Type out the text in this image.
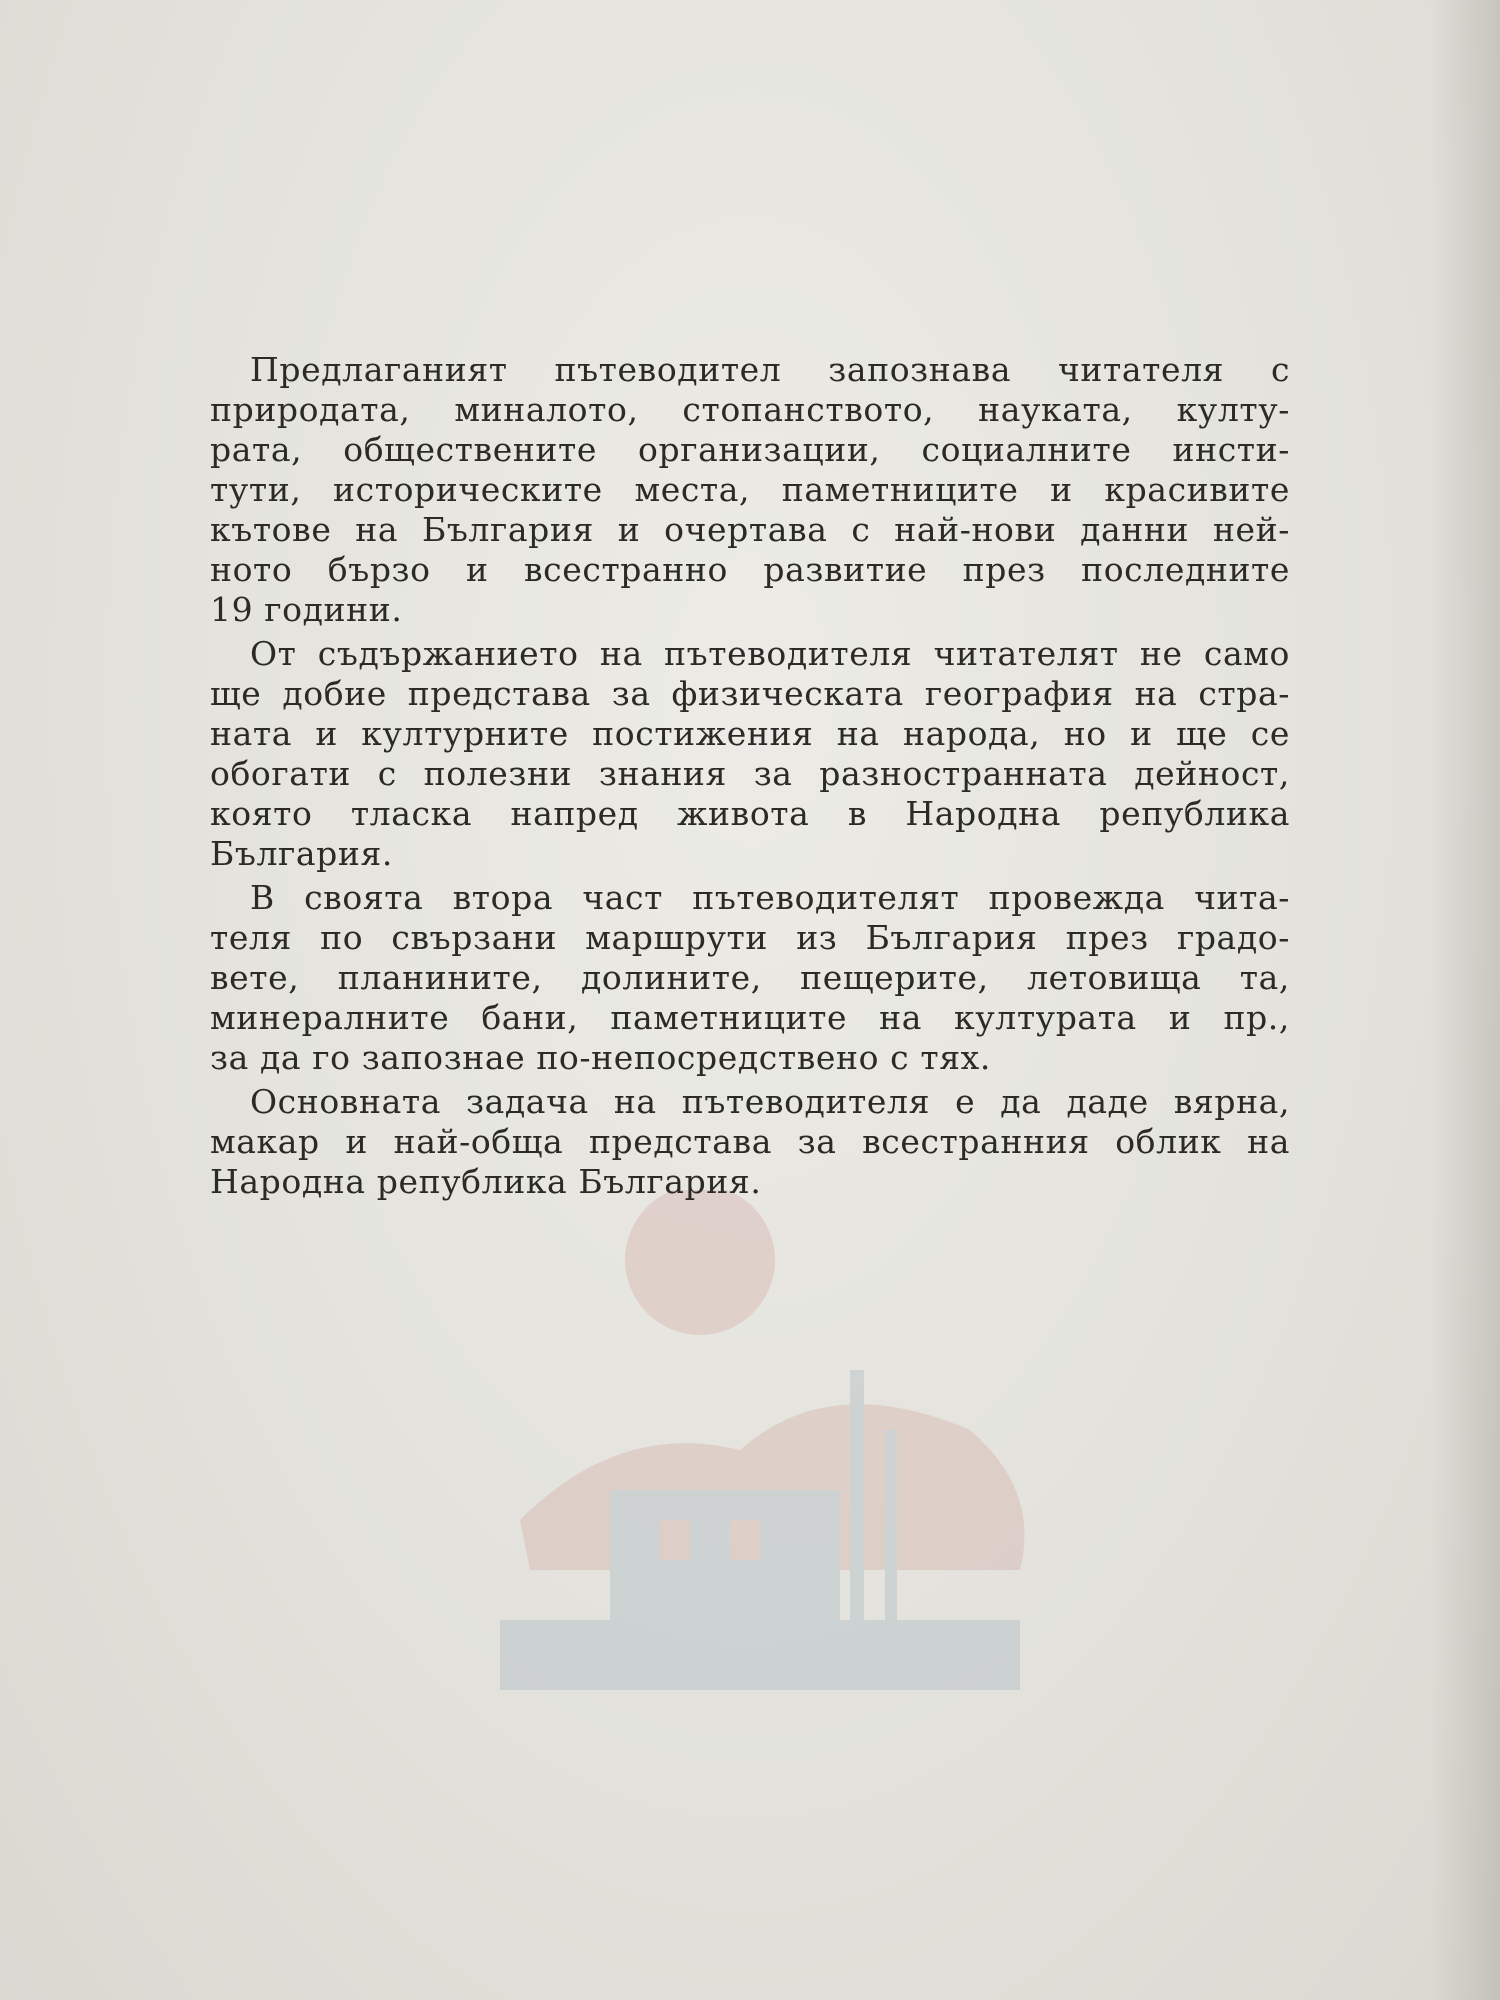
Предлаганият пътеводител запознава читателя с
природата, миналото, стопанството, науката, култу-
рата, обществените организации, социалните инсти-
тути, историческите места, паметниците и красивите
кътове на България и очертава с най-нови данни ней-
ното бързо и всестранно развитие през последните
19 години.
От съдържанието на пътеводителя читателят не само
ще добие представа за физическата география на стра-
ната и културните постижения на народа, но и ще се
обогати с полезни знания за разностранната дейност,
която тласка напред живота в Народна република
България.
В своята втора част пътеводителят провежда чита-
теля по свързани маршрути из България през градо-
вете, планините, долините, пещерите, летовища та,
минералните бани, паметниците на културата и пр.,
за да го запознае по-непосредствено с тях.
Основната задача на пътеводителя е да даде вярна,
макар и най-обща представа за всестранния облик на
Народна република България.
